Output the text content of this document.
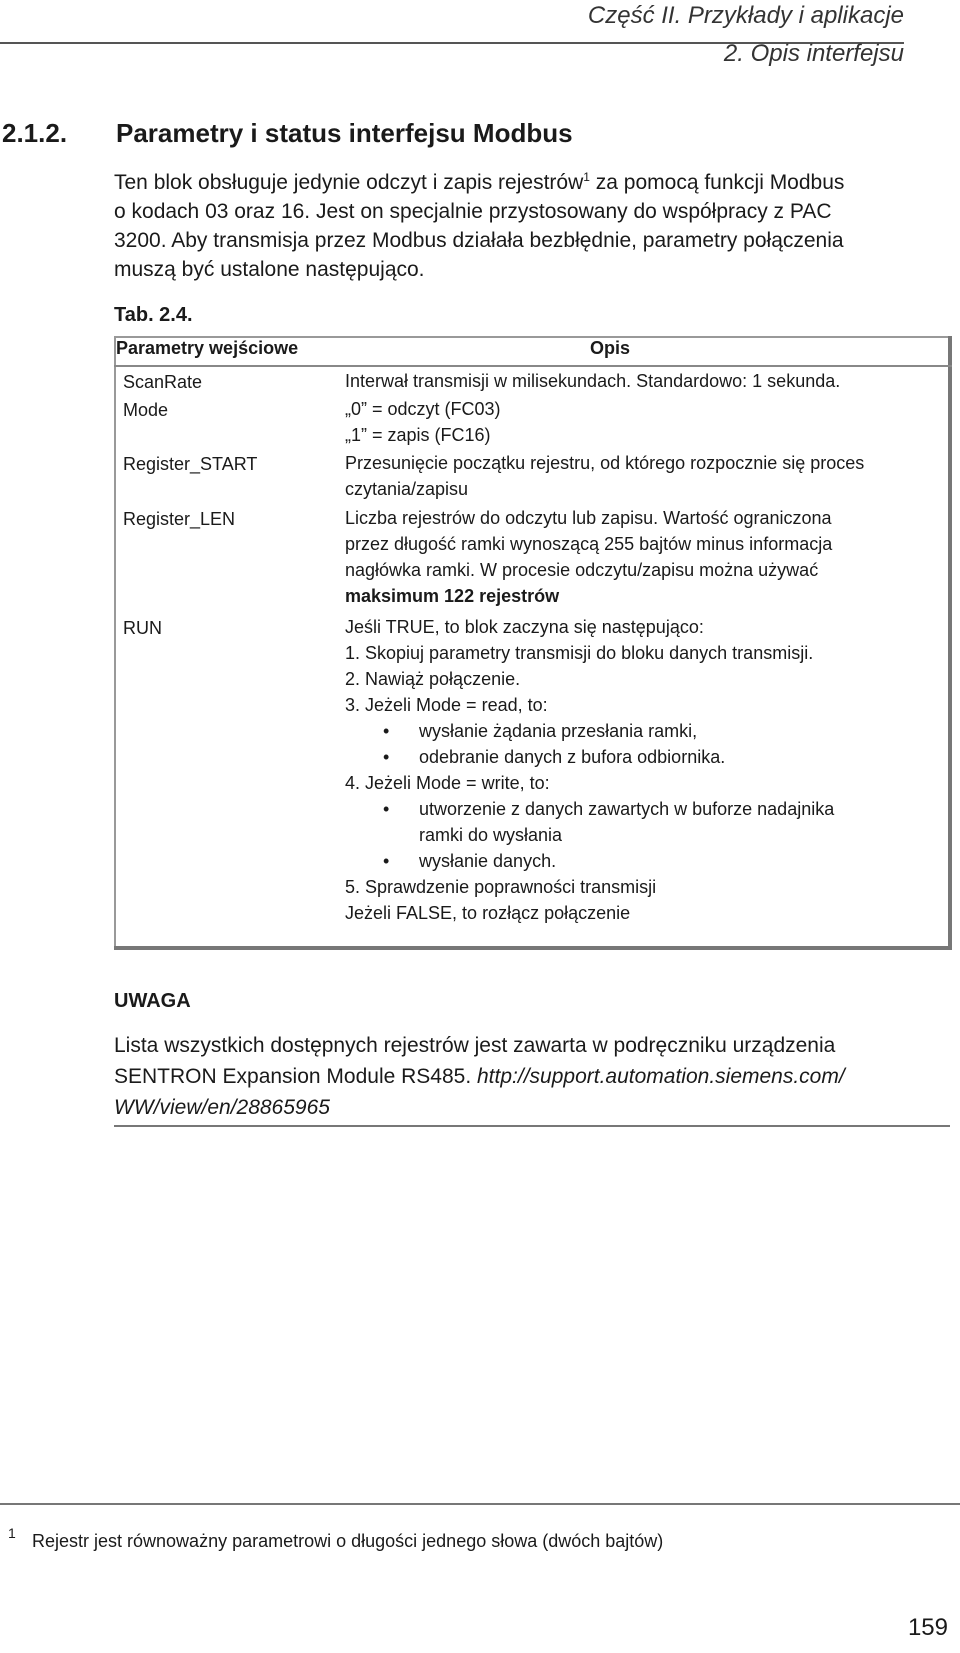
Część II. Przykłady i aplikacje
2. Opis interfejsu
2.1.2. Parametry i status interfejsu Modbus
Ten blok obsługuje jedynie odczyt i zapis rejestrów$^1$ za pomocą funkcji Modbus
o kodach 03 oraz 16. Jest on specjalnie przystosowany do współpracy z PAC
3200. Aby transmisja przez Modbus działała bezbłędnie, parametry połączenia
muszą być ustalone następująco.
Tab. 2.4.
Parametry wejściowe	Opis
ScanRate	Interwał transmisji w milisekundach. Standardowo: 1 sekunda.
Mode	„0” = odczyt (FC03)
„1” = zapis (FC16)
Register_START	Przesunięcie początku rejestru, od którego rozpocznie się proces
czytania/zapisu
Register_LEN	Liczba rejestrów do odczytu lub zapisu. Wartość ograniczona
przez długość ramki wynoszącą 255 bajtów minus informacja
nagłówka ramki. W procesie odczytu/zapisu można używać
maksimum 122 rejestrów
RUN	Jeśli TRUE, to blok zaczyna się następująco:
1. Skopiuj parametry transmisji do bloku danych transmisji.
2. Nawiąż połączenie.
3. Jeżeli Mode = read, to:
• wysłanie żądania przesłania ramki,
• odebranie danych z bufora odbiornika.
4. Jeżeli Mode = write, to:
• utworzenie z danych zawartych w buforze nadajnika
ramki do wysłania
• wysłanie danych.
5. Sprawdzenie poprawności transmisji
Jeżeli FALSE, to rozłącz połączenie
UWAGA
Lista wszystkich dostępnych rejestrów jest zawarta w podręczniku urządzenia
SENTRON Expansion Module RS485. http://support.automation.siemens.com/
WW/view/en/28865965
1 Rejestr jest równoważny parametrowi o długości jednego słowa (dwóch bajtów)
159
